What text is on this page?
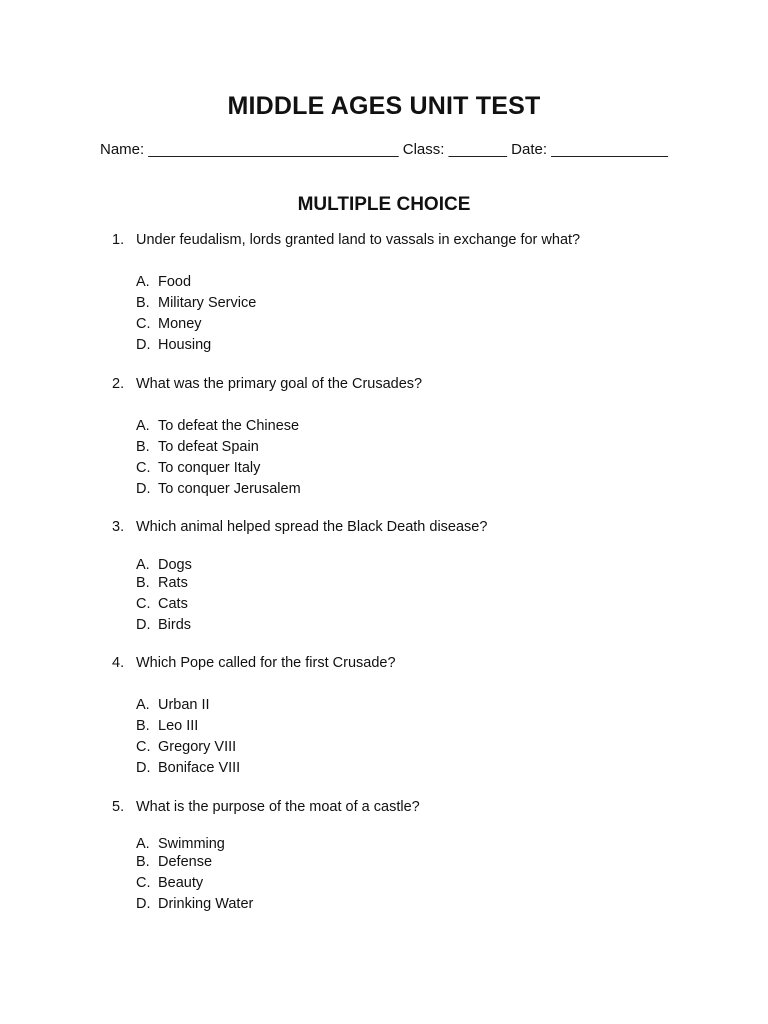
MIDDLE AGES UNIT TEST
Name: ______________________________ Class: _______ Date: ______________
MULTIPLE CHOICE
1. Under feudalism, lords granted land to vassals in exchange for what?
A. Food
B. Military Service
C. Money
D. Housing
2. What was the primary goal of the Crusades?
A. To defeat the Chinese
B. To defeat Spain
C. To conquer Italy
D. To conquer Jerusalem
3. Which animal helped spread the Black Death disease?
A. Dogs
B. Rats
C. Cats
D. Birds
4. Which Pope called for the first Crusade?
A. Urban II
B. Leo III
C. Gregory VIII
D. Boniface VIII
5. What is the purpose of the moat of a castle?
A. Swimming
B. Defense
C. Beauty
D. Drinking Water
